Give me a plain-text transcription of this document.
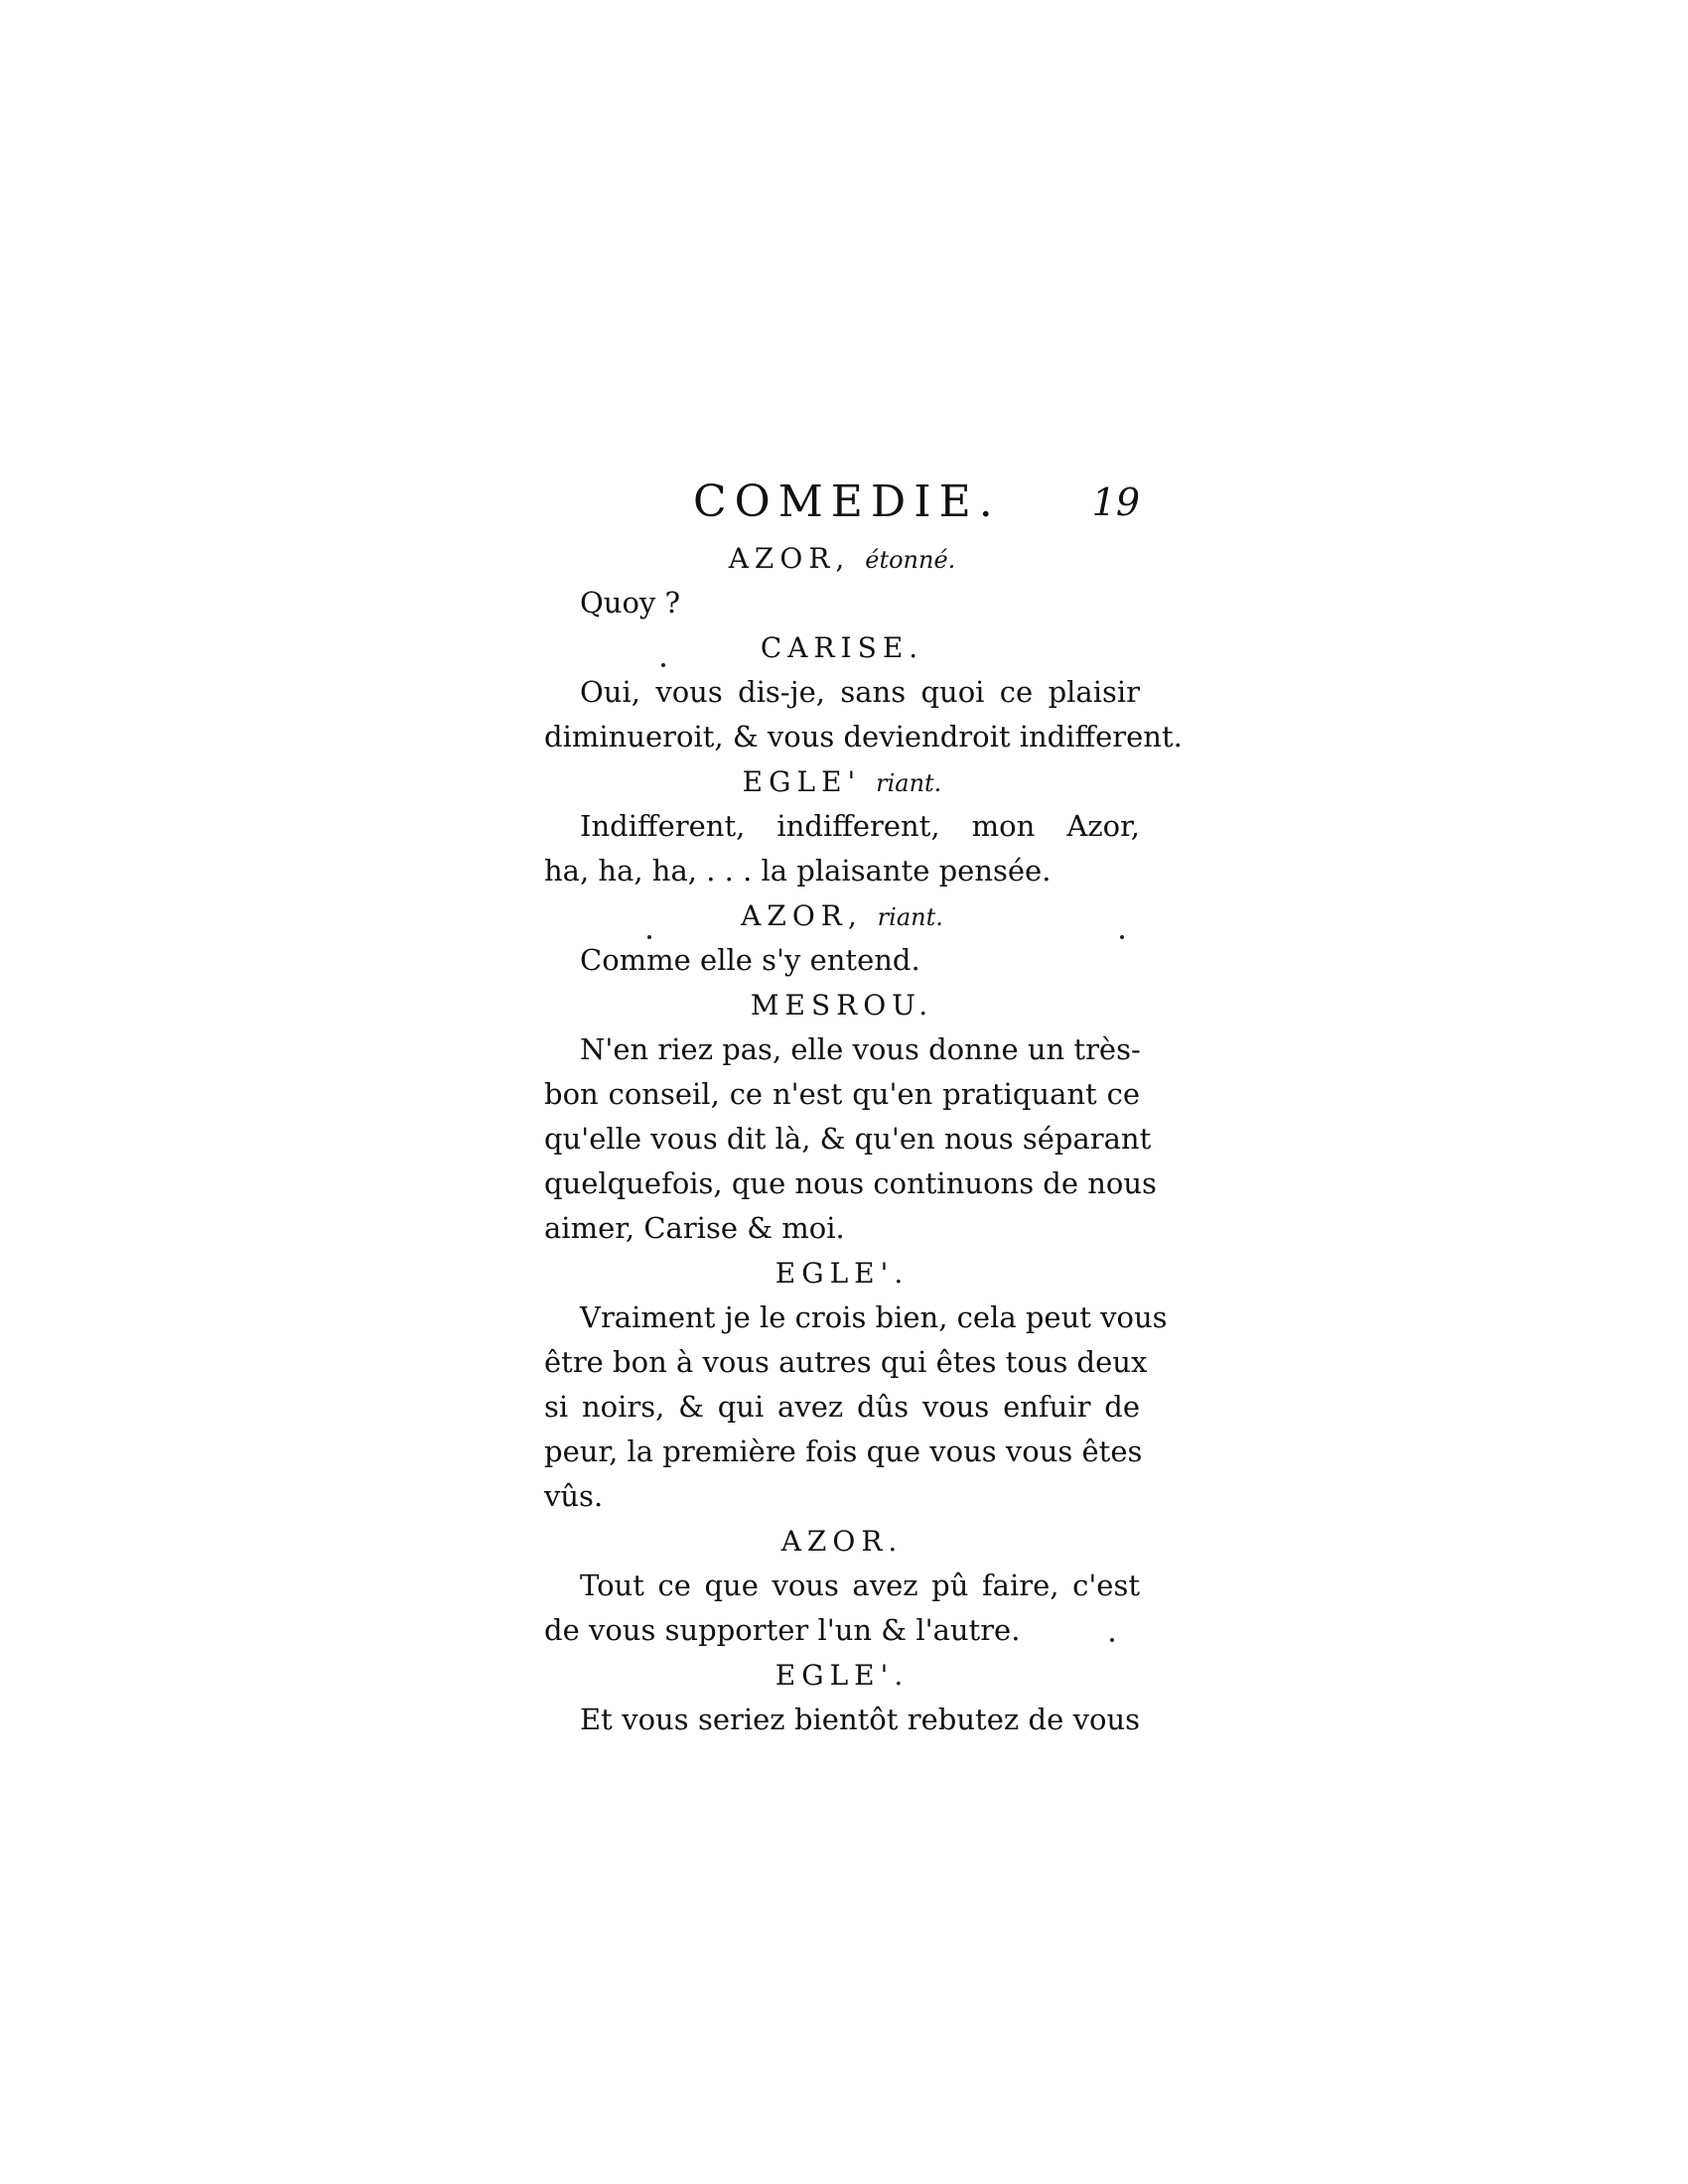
COMEDIE. 19
AZOR, étonné.
Quoy ?
CARISE.
Oui, vous dis-je, sans quoi ce plaisir
diminueroit, & vous deviendroit indifferent.
EGLE' riant.
Indifferent, indifferent, mon Azor,
ha, ha, ha, . . . la plaisante pensée.
AZOR, riant.
Comme elle s'y entend.
MESROU.
N'en riez pas, elle vous donne un très-
bon conseil, ce n'est qu'en pratiquant ce
qu'elle vous dit là, & qu'en nous séparant
quelquefois, que nous continuons de nous
aimer, Carise & moi.
EGLE'.
Vraiment je le crois bien, cela peut vous
être bon à vous autres qui êtes tous deux
si noirs, & qui avez dûs vous enfuir de
peur, la première fois que vous vous êtes
vûs.
AZOR.
Tout ce que vous avez pû faire, c'est
de vous supporter l'un & l'autre.
EGLE'.
Et vous seriez bientôt rebutez de vous
